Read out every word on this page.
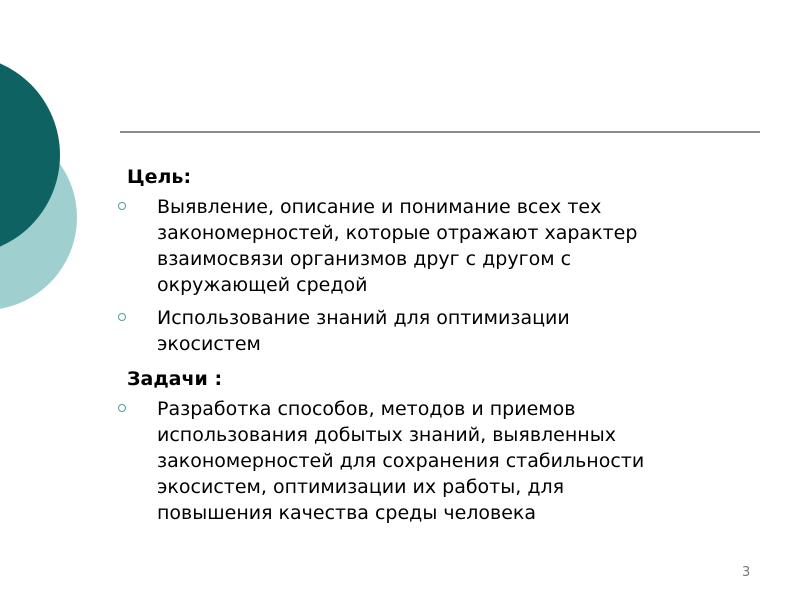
Цель:
Выявление, описание и понимание всех тех
закономерностей, которые отражают характер
взаимосвязи организмов друг с другом с
окружающей средой
Использование знаний для оптимизации
экосистем
Задачи :
Разработка способов, методов и приемов
использования добытых знаний, выявленных
закономерностей для сохранения стабильности
экосистем, оптимизации их работы, для
повышения качества среды человека
3
